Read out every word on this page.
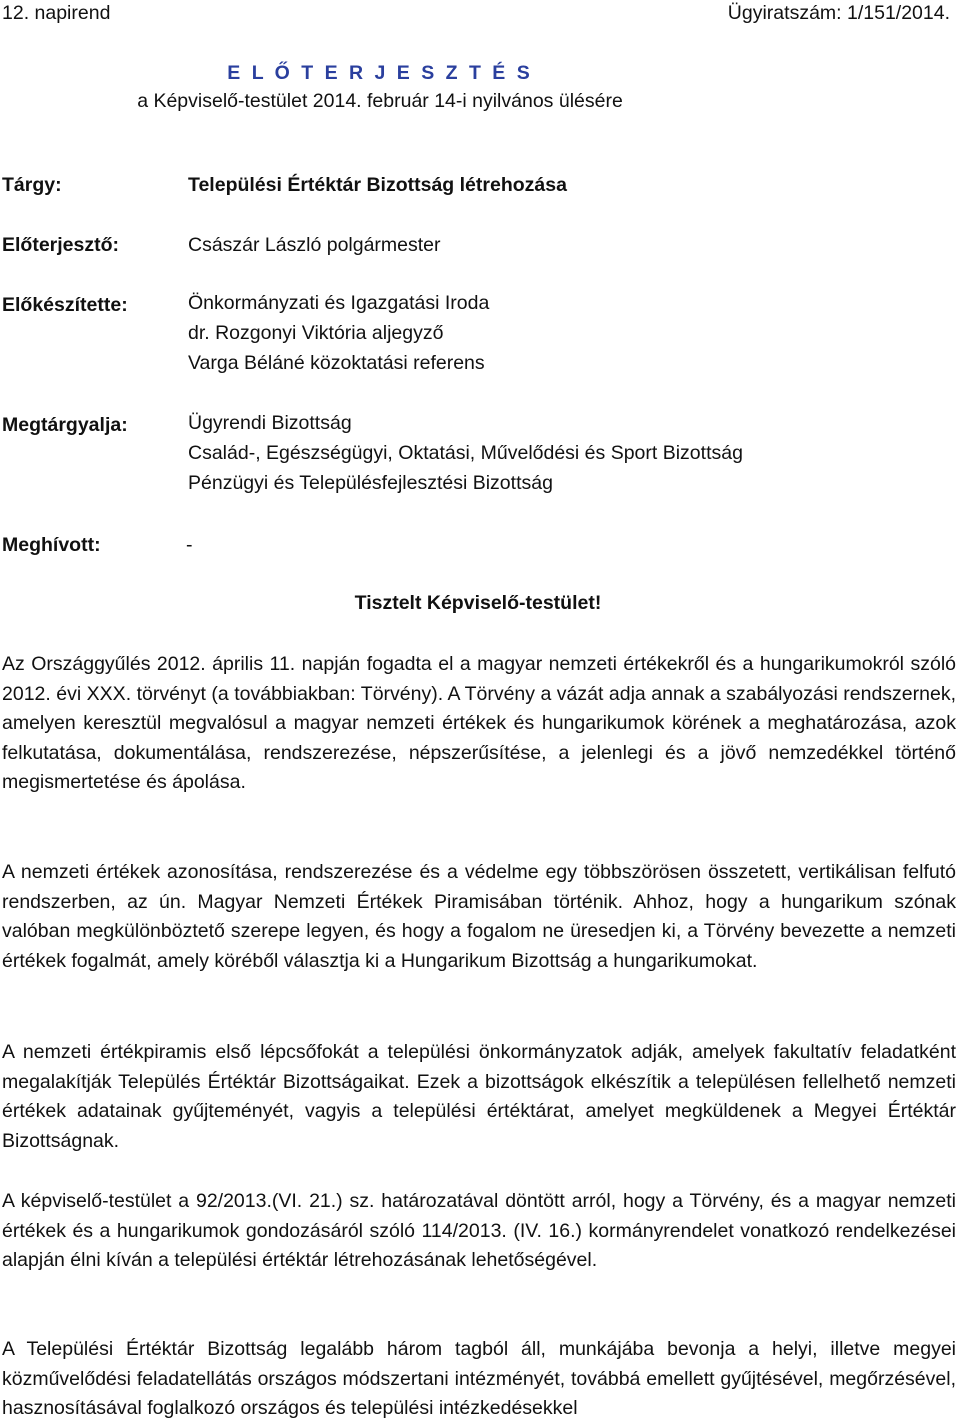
12. napirend	Ügyiratszám: 1/151/2014.
E L Ő T E R J E S Z T É S
a Képviselő-testület 2014. február 14-i nyilvános ülésére
Tárgy:	Települési Értéktár Bizottság létrehozása
Előterjesztő:	Császár László polgármester
Előkészítette:	Önkormányzati és Igazgatási Iroda
dr. Rozgonyi Viktória aljegyző
Varga Béláné közoktatási referens
Megtárgyalja:	Ügyrendi Bizottság
Család-, Egészségügyi, Oktatási, Művelődési és Sport Bizottság
Pénzügyi és Településfejlesztési Bizottság
Meghívott:	-
Tisztelt Képviselő-testület!

Az Országgyűlés 2012. április 11. napján fogadta el a magyar nemzeti értékekről és a hungarikumokról szóló 2012. évi XXX. törvényt (a továbbiakban: Törvény). A Törvény a vázát adja annak a szabályozási rendszernek, amelyen keresztül megvalósul a magyar nemzeti értékek és hungarikumok körének a meghatározása, azok felkutatása, dokumentálása, rendszerezése, népszerűsítése, a jelenlegi és a jövő nemzedékkel történő megismertetése és ápolása.

A nemzeti értékek azonosítása, rendszerezése és a védelme egy többszörösen összetett, vertikálisan felfutó rendszerben, az ún. Magyar Nemzeti Értékek Piramisában történik. Ahhoz, hogy a hungarikum szónak valóban megkülönböztető szerepe legyen, és hogy a fogalom ne üresedjen ki, a Törvény bevezette a nemzeti értékek fogalmát, amely köréből választja ki a Hungarikum Bizottság a hungarikumokat.

A nemzeti értékpiramis első lépcsőfokát a települési önkormányzatok adják, amelyek fakultatív feladatként megalakítják Település Értéktár Bizottságaikat. Ezek a bizottságok elkészítik a településen fellelhető nemzeti értékek adatainak gyűjteményét, vagyis a települési értéktárat, amelyet megküldenek a Megyei Értéktár Bizottságnak.

A képviselő-testület a 92/2013.(VI. 21.) sz. határozatával döntött arról, hogy a Törvény, és a magyar nemzeti értékek és a hungarikumok gondozásáról szóló 114/2013. (IV. 16.) kormányrendelet vonatkozó rendelkezései alapján élni kíván a települési értéktár létrehozásának lehetőségével.

A Települési Értéktár Bizottság legalább három tagból áll, munkájába bevonja a helyi, illetve megyei közművelődési feladatellátás országos módszertani intézményét, továbbá emellett gyűjtésével, megőrzésével, hasznosításával foglalkozó országos és települési intézkedésekkel
